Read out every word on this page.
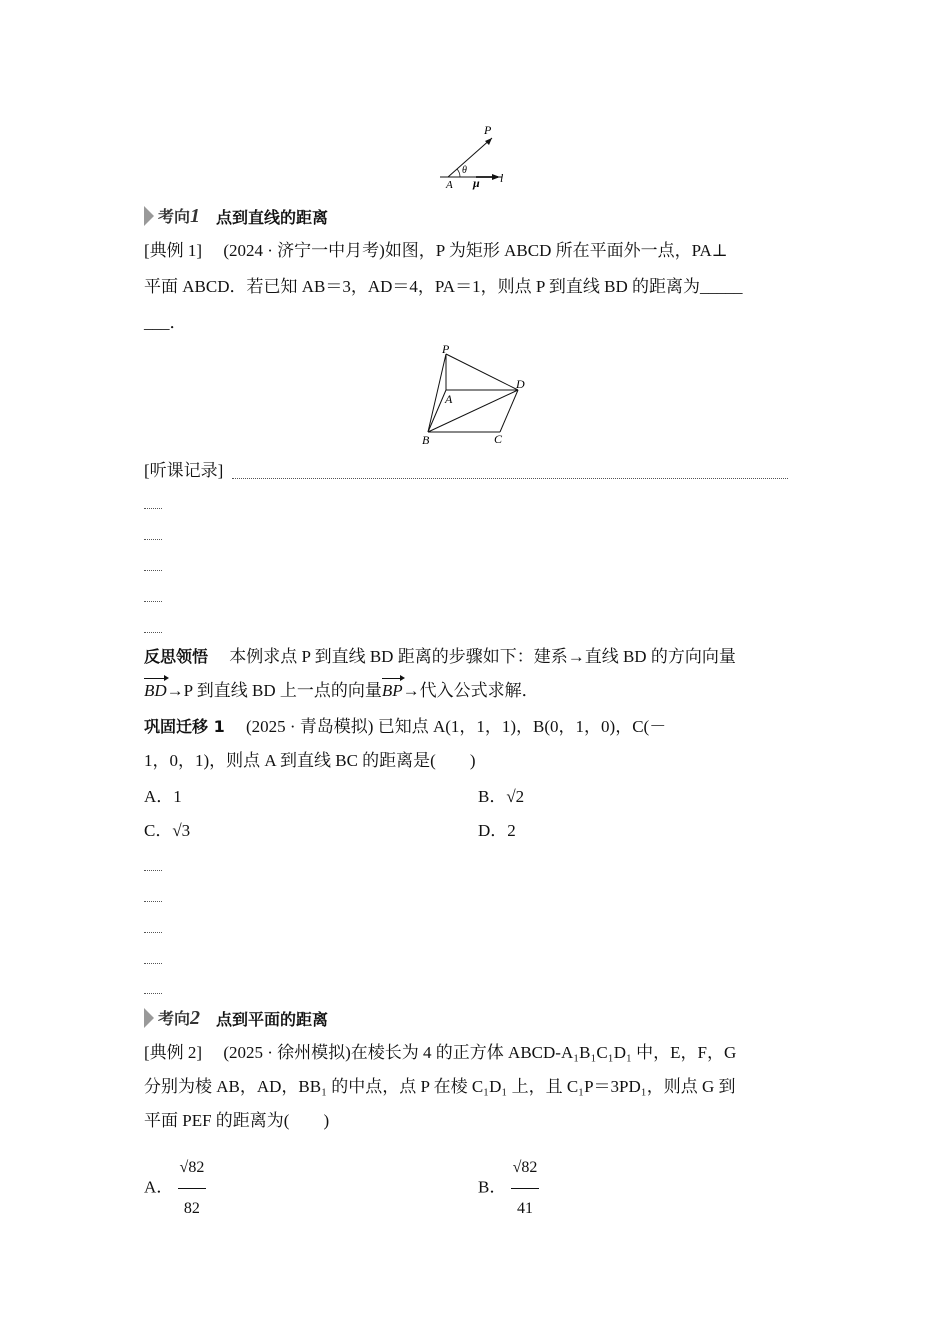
P
θ
A μ l
考向1 点到直线的距离
[典例 1]　 (2024 · 济宁一中月考)如图，P 为矩形 ABCD 所在平面外一点，PA⊥
平面 ABCD．若已知 AB＝3，AD＝4，PA＝1，则点 P 到直线 BD 的距离为_____
___．
P
A
D
B	C
[听课记录]
反思领悟　 本例求点 P 到直线 BD 距离的步骤如下：建系→直线 BD 的方向向量
BD→P 到直线 BD 上一点的向量BP→代入公式求解．
巩固迁移 1　 (2025 · 青岛模拟) 已知点 A(1，1，1)，B(0，1，0)，C(－
1，0，1)，则点 A 到直线 BC 的距离是(　　)
A．1	B．√2
C．√3	D．2
考向2 点到平面的距离
[典例 2]　 (2025 · 徐州模拟)在棱长为 4 的正方体 ABCD-A₁B₁C₁D₁ 中，E，F，G
分别为棱 AB，AD，BB₁ 的中点，点 P 在棱 C₁D₁ 上，且 C₁P＝3PD₁，则点 G 到
平面 PEF 的距离为(　　)
A． $\frac{√82}{82}$	B． $\frac{√82}{41}$
